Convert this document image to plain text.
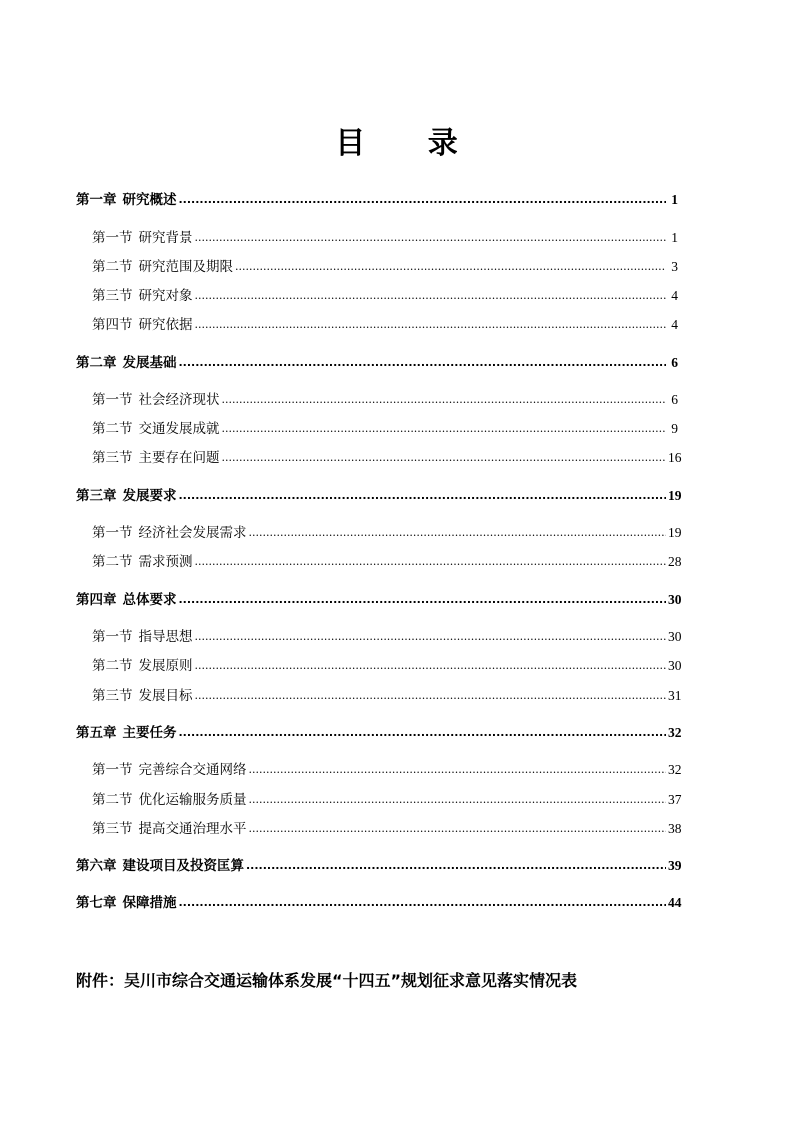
目 录
第一章 研究概述 .....	1
第一节 研究背景 .....	1
第二节 研究范围及期限 .....	3
第三节 研究对象 .....	4
第四节 研究依据 .....	4
第二章 发展基础 .....	6
第一节 社会经济现状 .....	6
第二节 交通发展成就 .....	9
第三节 主要存在问题 .....	16
第三章 发展要求 .....	19
第一节 经济社会发展需求 .....	19
第二节 需求预测 .....	28
第四章 总体要求 .....	30
第一节 指导思想 .....	30
第二节 发展原则 .....	30
第三节 发展目标 .....	31
第五章 主要任务 .....	32
第一节 完善综合交通网络 .....	32
第二节 优化运输服务质量 .....	37
第三节 提高交通治理水平 .....	38
第六章 建设项目及投资匡算 .....	39
第七章 保障措施 .....	44
附件：吴川市综合交通运输体系发展“十四五”规划征求意见落实情况表
